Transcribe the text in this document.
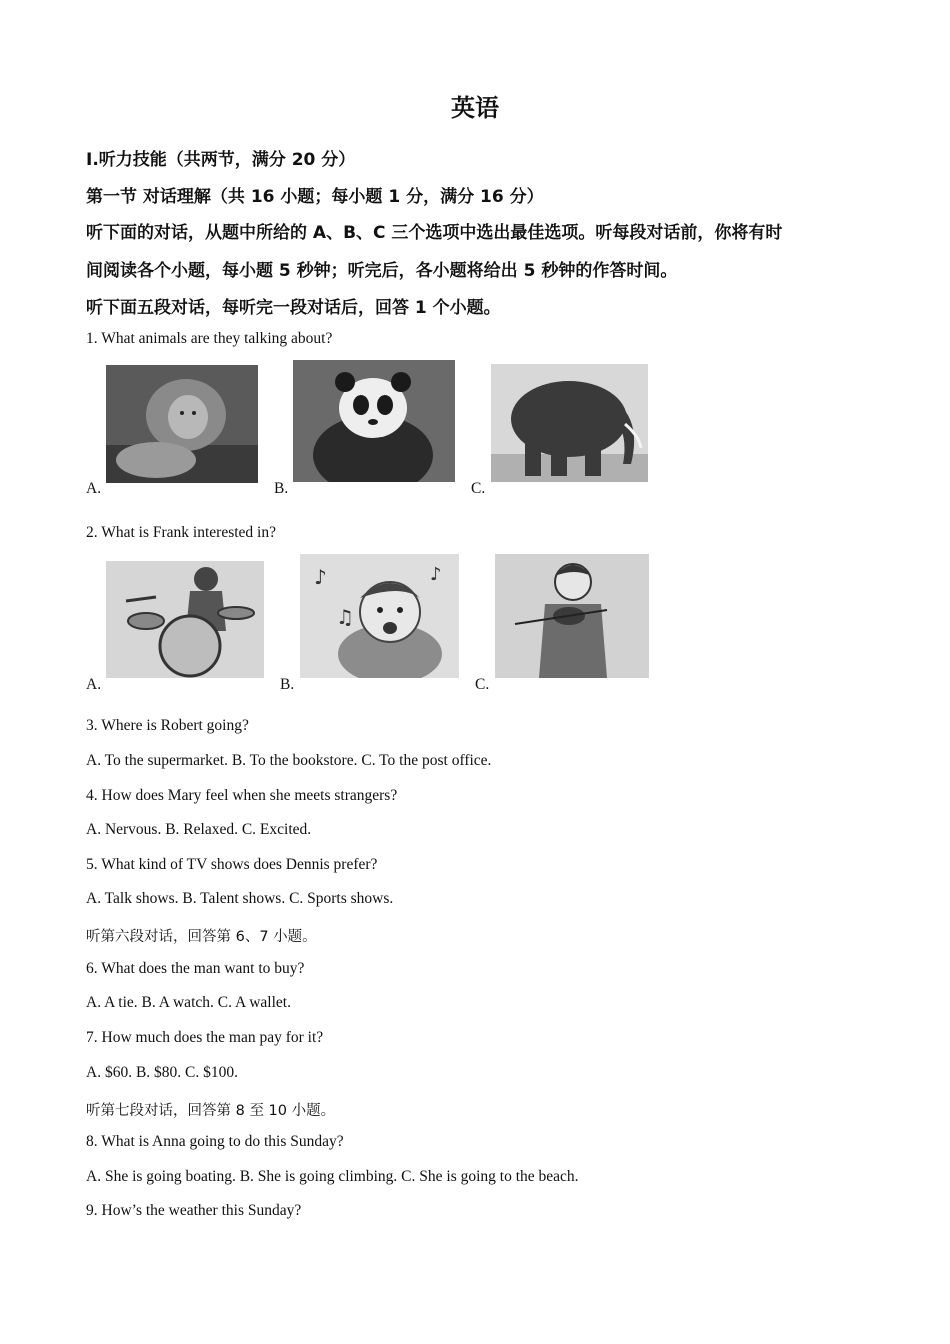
英语
Ⅰ.听力技能（共两节，满分 20 分）
第一节 对话理解（共 16 小题；每小题 1 分，满分 16 分）
听下面的对话，从题中所给的 A、B、C 三个选项中选出最佳选项。听每段对话前，你将有时
间阅读各个小题，每小题 5 秒钟；听完后，各小题将给出 5 秒钟的作答时间。
听下面五段对话，每听完一段对话后，回答 1 个小题。
1. What animals are they talking about?
A.	B.	C.
2. What is Frank interested in?
A.	B.
♪
♫
♪
C.
3. Where is Robert going?
A. To the supermarket. B. To the bookstore. C. To the post office.
4. How does Mary feel when she meets strangers?
A. Nervous. B. Relaxed. C. Excited.
5. What kind of TV shows does Dennis prefer?
A. Talk shows. B. Talent shows. C. Sports shows.
听第六段对话，回答第 6、7 小题。
6. What does the man want to buy?
A. A tie. B. A watch. C. A wallet.
7. How much does the man pay for it?
A. $60. B. $80. C. $100.
听第七段对话，回答第 8 至 10 小题。
8. What is Anna going to do this Sunday?
A. She is going boating. B. She is going climbing. C. She is going to the beach.
9. How’s the weather this Sunday?
